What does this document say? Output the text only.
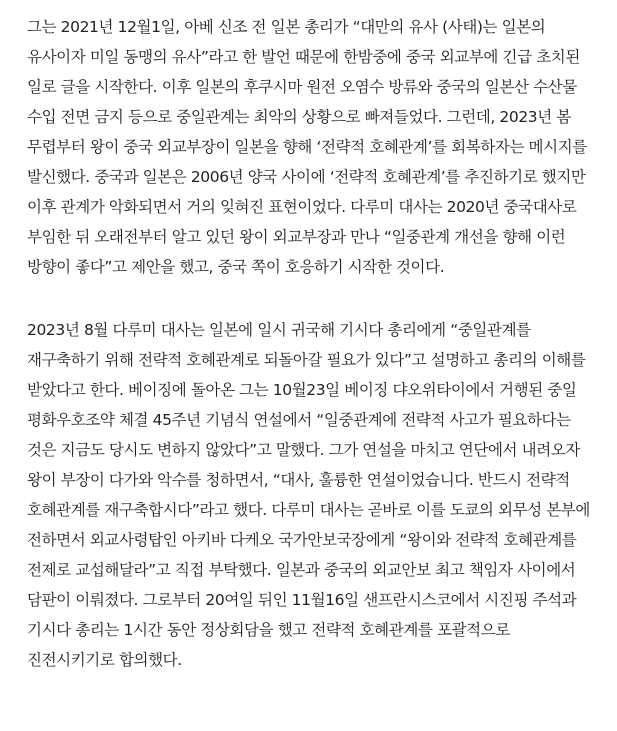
그는 2021년 12월1일, 아베 신조 전 일본 총리가 “대만의 유사 (사태)는 일본의
유사이자 미일 동맹의 유사”라고 한 발언 때문에 한밤중에 중국 외교부에 긴급 초치된
일로 글을 시작한다. 이후 일본의 후쿠시마 원전 오염수 방류와 중국의 일본산 수산물
수입 전면 금지 등으로 중일관계는 최악의 상황으로 빠져들었다. 그런데, 2023년 봄
무렵부터 왕이 중국 외교부장이 일본을 향해 ‘전략적 호혜관계’를 회복하자는 메시지를
발신했다. 중국과 일본은 2006년 양국 사이에 ‘전략적 호혜관계’를 추진하기로 했지만
이후 관계가 악화되면서 거의 잊혀진 표현이었다. 다루미 대사는 2020년 중국대사로
부임한 뒤 오래전부터 알고 있던 왕이 외교부장과 만나 “일중관계 개선을 향해 이런
방향이 좋다”고 제안을 했고, 중국 쪽이 호응하기 시작한 것이다.

2023년 8월 다루미 대사는 일본에 일시 귀국해 기시다 총리에게 “중일관계를
재구축하기 위해 전략적 호혜관계로 되돌아갈 필요가 있다”고 설명하고 총리의 이해를
받았다고 한다. 베이징에 돌아온 그는 10월23일 베이징 댜오위타이에서 거행된 중일
평화우호조약 체결 45주년 기념식 연설에서 “일중관계에 전략적 사고가 필요하다는
것은 지금도 당시도 변하지 않았다”고 말했다. 그가 연설을 마치고 연단에서 내려오자
왕이 부장이 다가와 악수를 청하면서, “대사, 훌륭한 연설이었습니다. 반드시 전략적
호혜관계를 재구축합시다”라고 했다. 다루미 대사는 곧바로 이를 도쿄의 외무성 본부에
전하면서 외교사령탑인 아키바 다케오 국가안보국장에게 “왕이와 전략적 호혜관계를
전제로 교섭해달라”고 직접 부탁했다. 일본과 중국의 외교안보 최고 책임자 사이에서
담판이 이뤄졌다. 그로부터 20여일 뒤인 11월16일 샌프란시스코에서 시진핑 주석과
기시다 총리는 1시간 동안 정상회담을 했고 전략적 호혜관계를 포괄적으로
진전시키기로 합의했다.
